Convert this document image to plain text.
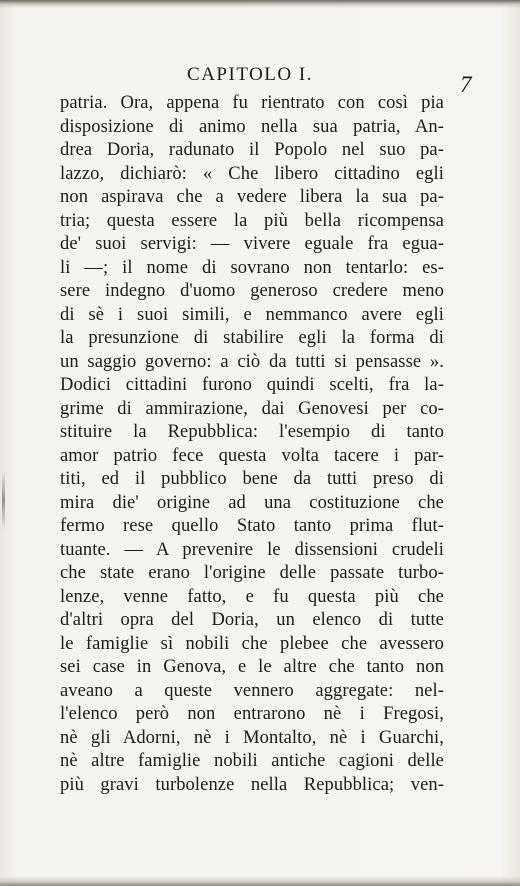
CAPITOLO I.	7
patria. Ora, appena fu rientrato con così pia
disposizione di animo nella sua patria, An-
drea Doria, radunato il Popolo nel suo pa-
lazzo, dichiarò: « Che libero cittadino egli
non aspirava che a vedere libera la sua pa-
tria; questa essere la più bella ricompensa
de' suoi servigi: — vivere eguale fra egua-
li —; il nome di sovrano non tentarlo: es-
sere indegno d'uomo generoso credere meno
di sè i suoi simili, e nemmanco avere egli
la presunzione di stabilire egli la forma di
un saggio governo: a ciò da tutti si pensasse ».
Dodici cittadini furono quindi scelti, fra la-
grime di ammirazione, dai Genovesi per co-
stituire la Repubblica: l'esempio di tanto
amor patrio fece questa volta tacere i par-
titi, ed il pubblico bene da tutti preso di
mira die' origine ad una costituzione che
fermo rese quello Stato tanto prima flut-
tuante. — A prevenire le dissensioni crudeli
che state erano l'origine delle passate turbo-
lenze, venne fatto, e fu questa più che
d'altri opra del Doria, un elenco di tutte
le famiglie sì nobili che plebee che avessero
sei case in Genova, e le altre che tanto non
aveano a queste vennero aggregate: nel-
l'elenco però non entrarono nè i Fregosi,
nè gli Adorni, nè i Montalto, nè i Guarchi,
nè altre famiglie nobili antiche cagioni delle
più gravi turbolenze nella Repubblica; ven-
